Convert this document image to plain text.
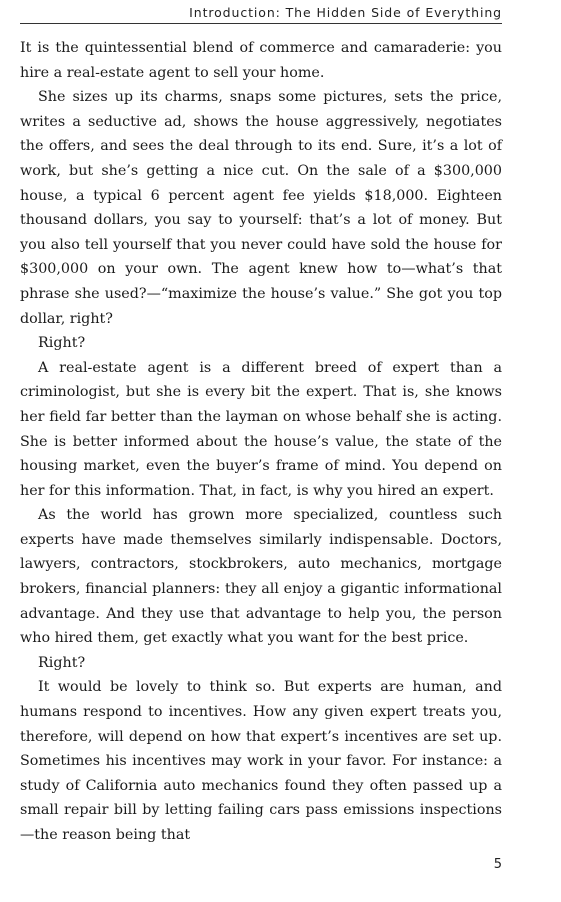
Introduction: The Hidden Side of Everything

It is the quintessential blend of commerce and camaraderie: you hire a real-estate agent to sell your home.

She sizes up its charms, snaps some pictures, sets the price, writes a seductive ad, shows the house aggressively, negotiates the offers, and sees the deal through to its end. Sure, it’s a lot of work, but she’s getting a nice cut. On the sale of a $300,000 house, a typical 6 percent agent fee yields $18,000. Eighteen thousand dollars, you say to yourself: that’s a lot of money. But you also tell yourself that you never could have sold the house for $300,000 on your own. The agent knew how to—what’s that phrase she used?—“maximize the house’s value.” She got you top dollar, right?

Right?

A real-estate agent is a different breed of expert than a criminologist, but she is every bit the expert. That is, she knows her field far better than the layman on whose behalf she is acting. She is better informed about the house’s value, the state of the housing market, even the buyer’s frame of mind. You depend on her for this information. That, in fact, is why you hired an expert.

As the world has grown more specialized, countless such experts have made themselves similarly indispensable. Doctors, lawyers, contractors, stockbrokers, auto mechanics, mortgage brokers, financial planners: they all enjoy a gigantic informational advantage. And they use that advantage to help you, the person who hired them, get exactly what you want for the best price.

Right?

It would be lovely to think so. But experts are human, and humans respond to incentives. How any given expert treats you, therefore, will depend on how that expert’s incentives are set up. Sometimes his incentives may work in your favor. For instance: a study of California auto mechanics found they often passed up a small repair bill by letting failing cars pass emissions inspections—the reason being that

5
